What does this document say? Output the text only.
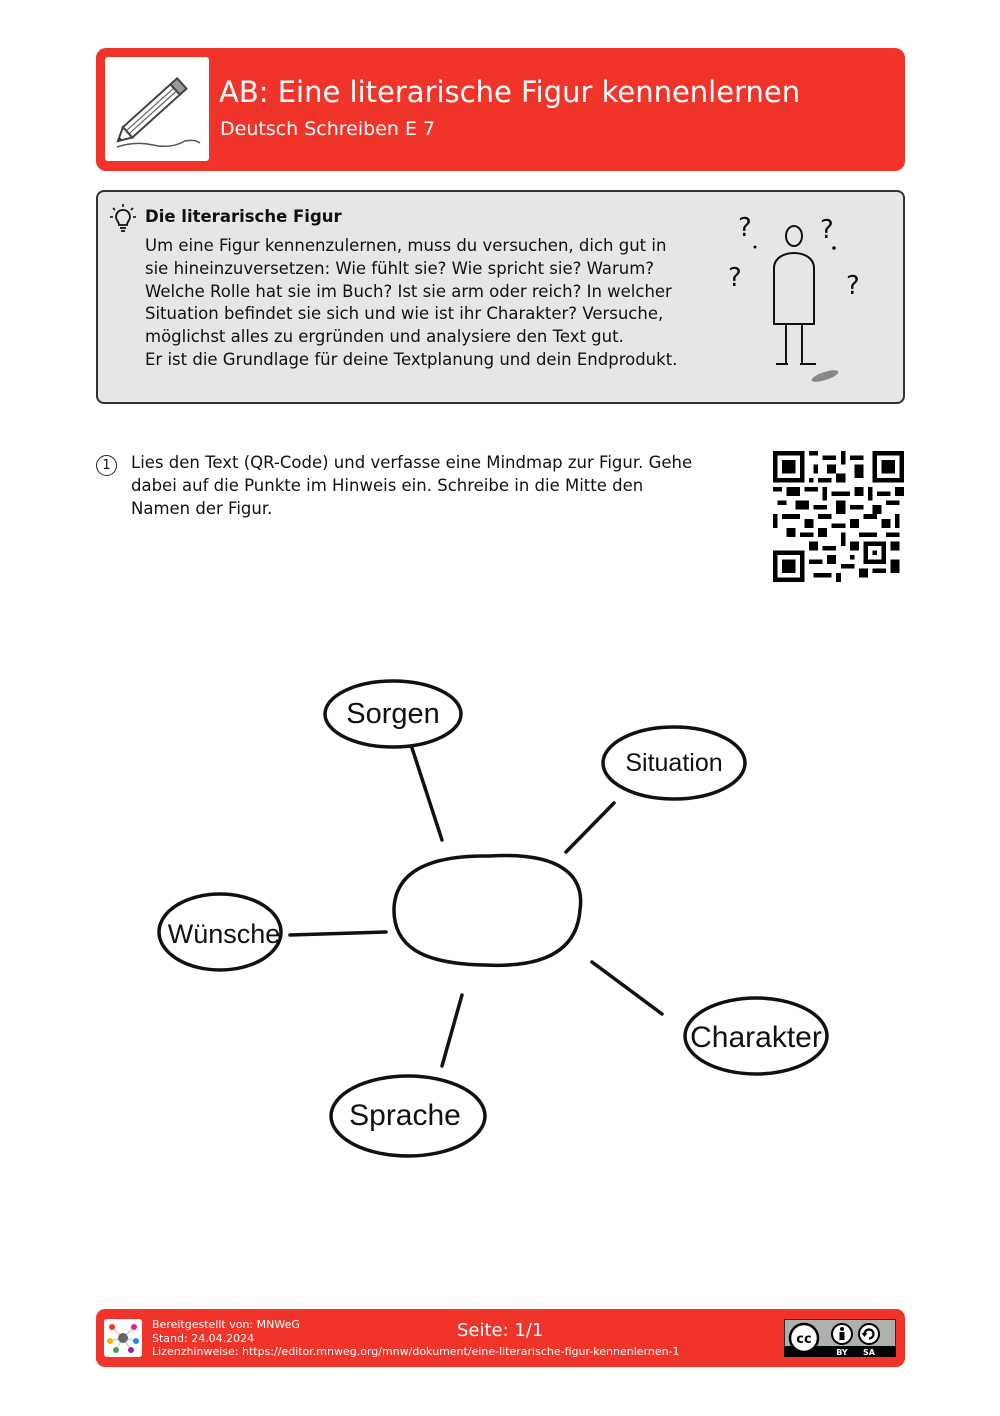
AB: Eine literarische Figur kennenlernen
Deutsch Schreiben E 7
Die literarische Figur
Um eine Figur kennenzulernen, muss du versuchen, dich gut in
sie hineinzuversetzen: Wie fühlt sie? Wie spricht sie? Warum?
Welche Rolle hat sie im Buch? Ist sie arm oder reich? In welcher
Situation befindet sie sich und wie ist ihr Charakter? Versuche,
möglichst alles zu ergründen und analysiere den Text gut.
Er ist die Grundlage für deine Textplanung und dein Endprodukt.
?	?
?	?
1	Lies den Text (QR-Code) und verfasse eine Mindmap zur Figur. Gehe
dabei auf die Punkte im Hinweis ein. Schreibe in die Mitte den
Namen der Figur.
Sorgen
Situation
Wünsche
Charakter
Sprache
Bereitgestellt von: MNWeG
Stand: 24.04.2024
Lizenzhinweise: https://editor.mnweg.org/mnw/dokument/eine-literarische-figur-kennenlernen-1
Seite: 1/1	cc
BY SA
